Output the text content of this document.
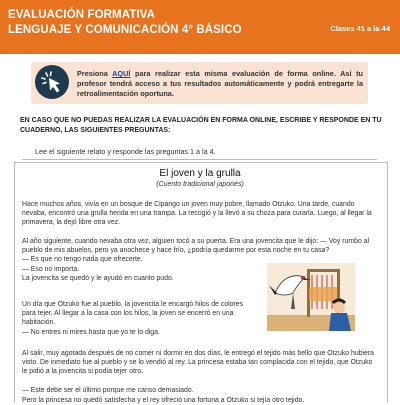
EVALUACIÓN FORMATIVA
LENGUAJE Y COMUNICACIÓN 4° BÁSICO	Clases 41 a la 44
Presiona AQUÍ para realizar esta misma evaluación de forma online. Así tu profesor tendrá acceso a tus resultados automáticamente y podrá entregarte la retroalimentación oportuna.
EN CASO QUE NO PUEDAS REALIZAR LA EVALUACIÓN EN FORMA ONLINE, ESCRIBE Y RESPONDE EN TU CUADERNO, LAS SIGUIENTES PREGUNTAS:
Lee el siguiente relato y responde las preguntas 1 a la 4.
El joven y la grulla
(Cuento tradicional japonés)
Hace muchos años, vivía en un bosque de Cipango un joven muy pobre, llamado Otzuko. Una tarde, cuando nevaba, encontró una grulla herida en una trampa. La recogió y la llevó a su choza para curarla. Luego, al llegar la primavera, la dejó libre otra vez.
Al año siguiente, cuando nevaba otra vez, alguien tocó a su puerta. Era una jovencita que le dijo: — Voy rumbo al pueblo de mis abuelos, pero ya anochece y hace frío, ¿podría quedarme por esta noche en tu casa?
— Es que no tengo nada que ofrecerte.
— Eso no importa.
La jovencita se quedó y le ayudó en cuanto pudo.
Un día que Otzuko fue al pueblo, la jovencita le encargó hilos de colores para tejer. Al llegar a la casa con los hilos, la joven se encerró en una habitación.
— No entres ni mires hasta que yo te lo diga.
Al salir, muy agotada después de no comer ni dormir en dos días, le entregó el tejido más bello que Otzuko hubiera visto. De inmediato fue al pueblo y se lo vendió al rey. La princesa estaba tan complacida con el tejido, que Otzuko le pidió a la jovencita si podía tejer otro.
— Este debe ser el último porque me canso demasiado.
Pero la princesa no quedó satisfecha y el rey ofreció una fortuna a Otzuko si tejía otro tejido.
